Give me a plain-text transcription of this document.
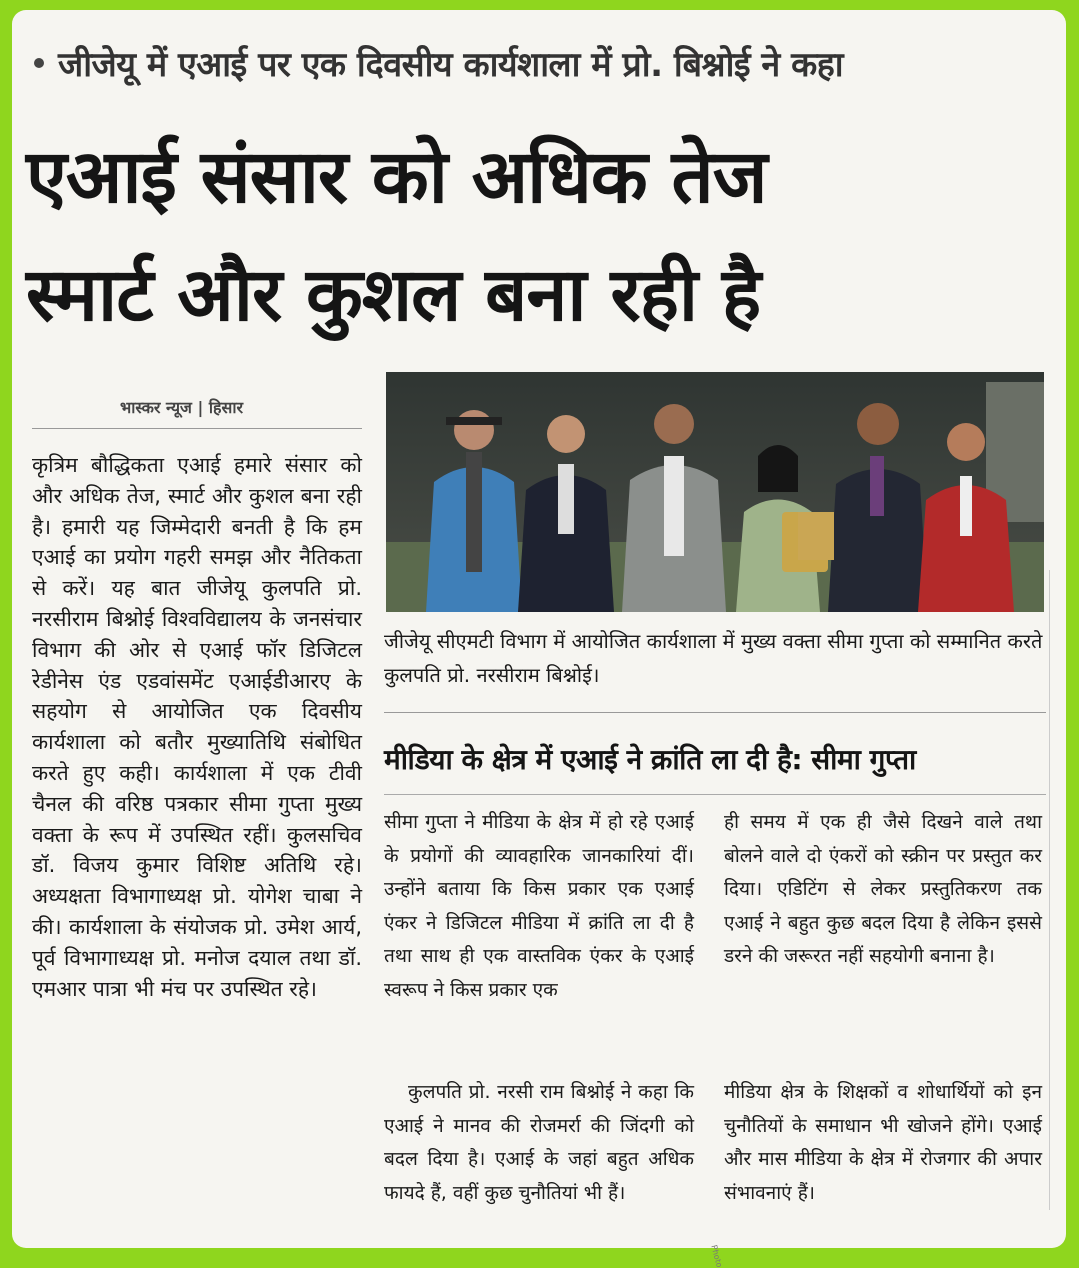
जीजेयू में एआई पर एक दिवसीय कार्यशाला में प्रो. बिश्नोई ने कहा
एआई संसार को अधिक तेज
स्मार्ट और कुशल बना रही है
भास्कर न्यूज | हिसार
कृत्रिम बौद्धिकता एआई हमारे संसार को और अधिक तेज, स्मार्ट और कुशल बना रही है। हमारी यह जिम्मेदारी बनती है कि हम एआई का प्रयोग गहरी समझ और नैतिकता से करें। यह बात जीजेयू कुलपति प्रो. नरसीराम बिश्नोई विश्वविद्यालय के जनसंचार विभाग की ओर से एआई फॉर डिजिटल रेडीनेस एंड एडवांसमेंट एआईडीआरए के सहयोग से आयोजित एक दिवसीय कार्यशाला को बतौर मुख्यातिथि संबोधित करते हुए कही। कार्यशाला में एक टीवी चैनल की वरिष्ठ पत्रकार सीमा गुप्ता मुख्य वक्ता के रूप में उपस्थित रहीं। कुलसचिव डॉ. विजय कुमार विशिष्ट अतिथि रहे। अध्यक्षता विभागाध्यक्ष प्रो. योगेश चाबा ने की। कार्यशाला के संयोजक प्रो. उमेश आर्य, पूर्व विभागाध्यक्ष प्रो. मनोज दयाल तथा डॉ. एमआर पात्रा भी मंच पर उपस्थित रहे।
जीजेयू सीएमटी विभाग में आयोजित कार्यशाला में मुख्य वक्ता सीमा गुप्ता को सम्मानित करते कुलपति प्रो. नरसीराम बिश्नोई।
मीडिया के क्षेत्र में एआई ने क्रांति ला दी है: सीमा गुप्ता
सीमा गुप्ता ने मीडिया के क्षेत्र में हो रहे एआई के प्रयोगों की व्यावहारिक जानकारियां दीं। उन्होंने बताया कि किस प्रकार एक एआई एंकर ने डिजिटल मीडिया में क्रांति ला दी है तथा साथ ही एक वास्तविक एंकर के एआई स्वरूप ने किस प्रकार एक
ही समय में एक ही जैसे दिखने वाले तथा बोलने वाले दो एंकरों को स्क्रीन पर प्रस्तुत कर दिया। एडिटिंग से लेकर प्रस्तुतिकरण तक एआई ने बहुत कुछ बदल दिया है लेकिन इससे डरने की जरूरत नहीं सहयोगी बनाना है।
कुलपति प्रो. नरसी राम बिश्नोई ने कहा कि एआई ने मानव की रोजमर्रा की जिंदगी को बदल दिया है। एआई के जहां बहुत अधिक फायदे हैं, वहीं कुछ चुनौतियां भी हैं।
मीडिया क्षेत्र के शिक्षकों व शोधार्थियों को इन चुनौतियों के समाधान भी खोजने होंगे। एआई और मास मीडिया के क्षेत्र में रोजगार की अपार संभावनाएं हैं।
Photo
